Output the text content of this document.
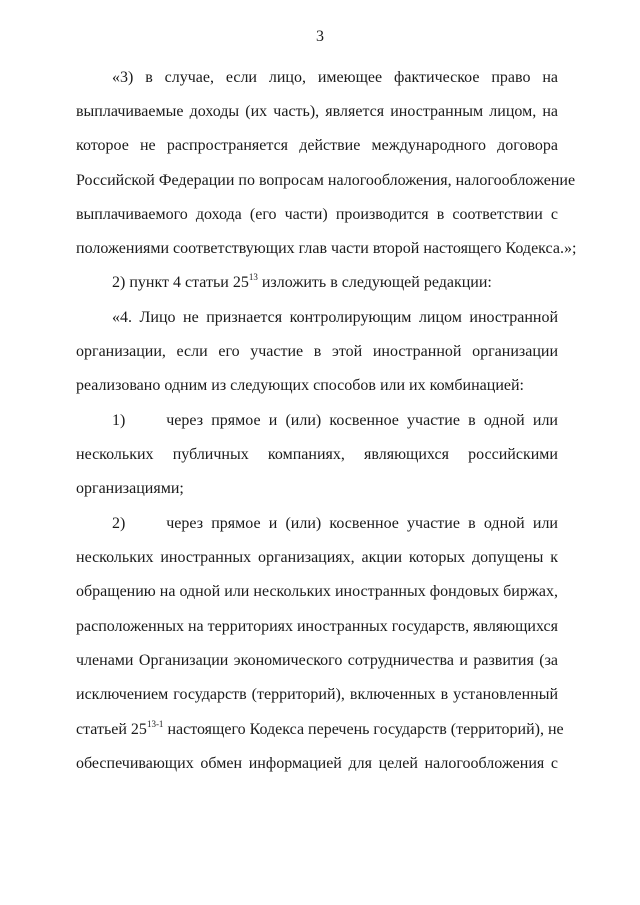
3
«3) в случае, если лицо, имеющее фактическое право на
выплачиваемые доходы (их часть), является иностранным лицом, на
которое не распространяется действие международного договора
Российской Федерации по вопросам налогообложения, налогообложение
выплачиваемого дохода (его части) производится в соответствии с
положениями соответствующих глав части второй настоящего Кодекса.»;
2) пункт 4 статьи $25^{13}$ изложить в следующей редакции:
«4. Лицо не признается контролирующим лицом иностранной
организации, если его участие в этой иностранной организации
реализовано одним из следующих способов или их комбинацией:
1)     через прямое и (или) косвенное участие в одной или
нескольких публичных компаниях, являющихся российскими
организациями;
2)     через прямое и (или) косвенное участие в одной или
нескольких иностранных организациях, акции которых допущены к
обращению на одной или нескольких иностранных фондовых биржах,
расположенных на территориях иностранных государств, являющихся
членами Организации экономического сотрудничества и развития (за
исключением государств (территорий), включенных в установленный
статьей 25$^{13-1}$ настоящего Кодекса перечень государств (территорий), не
обеспечивающих обмен информацией для целей налогообложения с
